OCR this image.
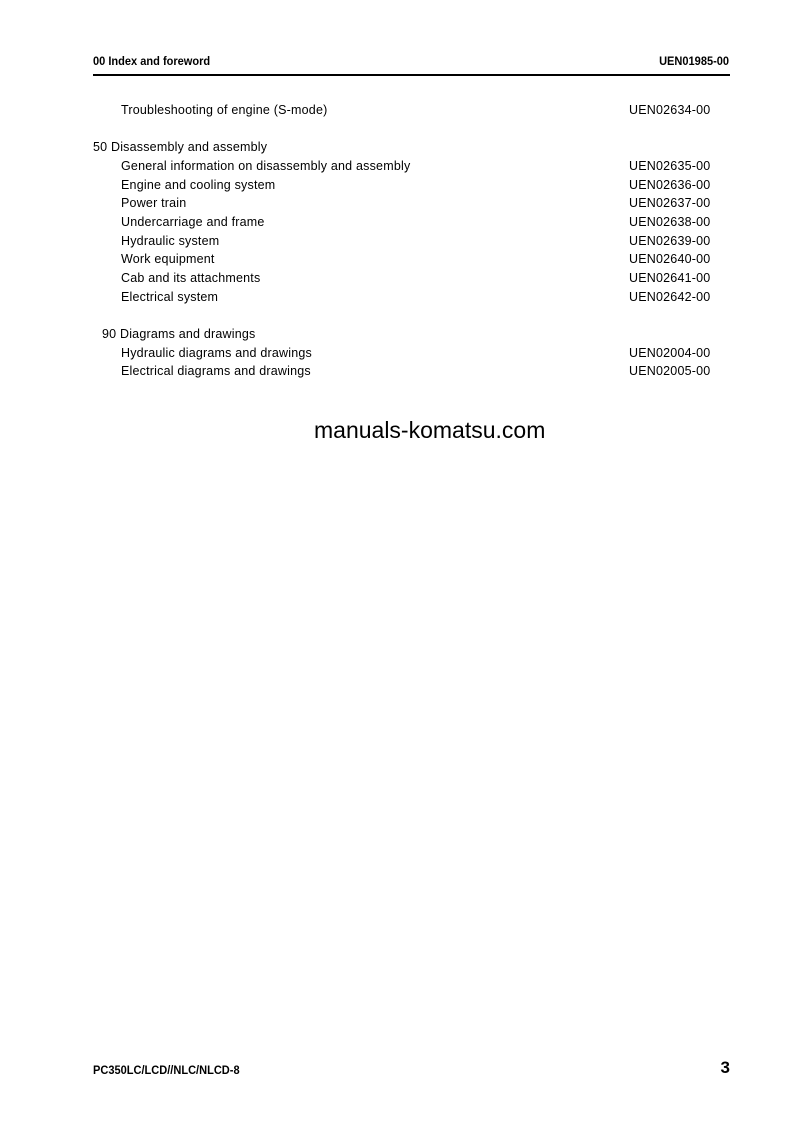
00 Index and foreword	UEN01985-00
Troubleshooting of engine (S-mode)	UEN02634-00
50 Disassembly and assembly
General information on disassembly and assembly	UEN02635-00
Engine and cooling system	UEN02636-00
Power train	UEN02637-00
Undercarriage and frame	UEN02638-00
Hydraulic system	UEN02639-00
Work equipment	UEN02640-00
Cab and its attachments	UEN02641-00
Electrical system	UEN02642-00
90 Diagrams and drawings
Hydraulic diagrams and drawings	UEN02004-00
Electrical diagrams and drawings	UEN02005-00
manuals-komatsu.com
PC350LC/LCD//NLC/NLCD-8	3
